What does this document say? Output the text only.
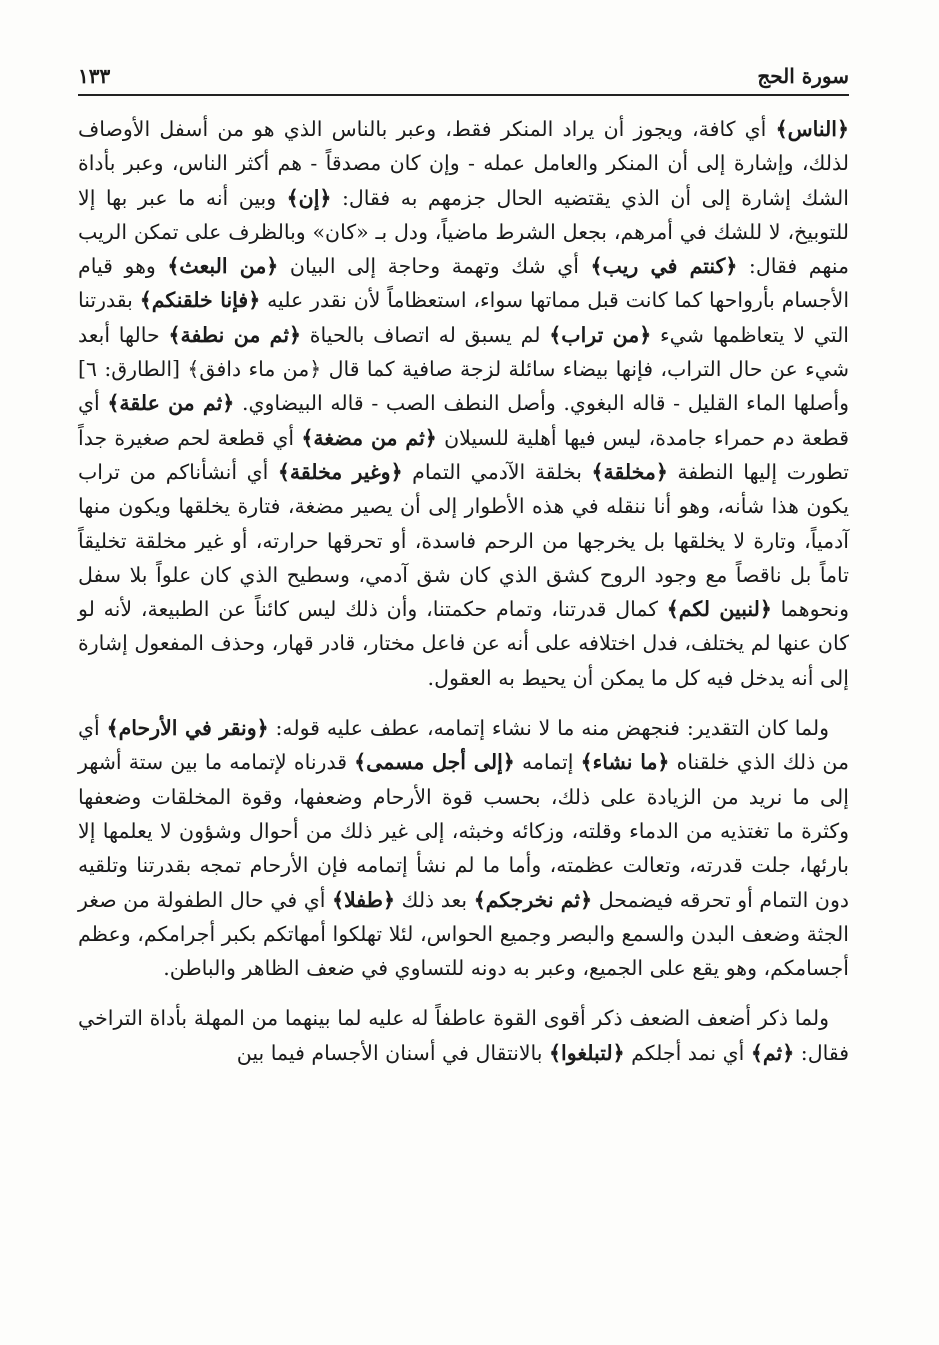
سورة الحج
١٣٣

﴿الناس﴾ أي كافة، ويجوز أن يراد المنكر فقط، وعبر بالناس الذي هو من أسفل الأوصاف لذلك، وإشارة إلى أن المنكر والعامل عمله - وإن كان مصدقاً - هم أكثر الناس، وعبر بأداة الشك إشارة إلى أن الذي يقتضيه الحال جزمهم به فقال: ﴿إن﴾ وبين أنه ما عبر بها إلا للتوبيخ، لا للشك في أمرهم، بجعل الشرط ماضياً، ودل بـ «كان» وبالظرف على تمكن الريب منهم فقال: ﴿كنتم في ريب﴾ أي شك وتهمة وحاجة إلى البيان ﴿من البعث﴾ وهو قيام الأجسام بأرواحها كما كانت قبل مماتها سواء، استعظاماً لأن نقدر عليه ﴿فإنا خلقنكم﴾ بقدرتنا التي لا يتعاظمها شيء ﴿من تراب﴾ لم يسبق له اتصاف بالحياة ﴿ثم من نطفة﴾ حالها أبعد شيء عن حال التراب، فإنها بيضاء سائلة لزجة صافية كما قال ﴿من ماء دافق﴾ [الطارق: ٦] وأصلها الماء القليل - قاله البغوي. وأصل النطف الصب - قاله البيضاوي. ﴿ثم من علقة﴾ أي قطعة دم حمراء جامدة، ليس فيها أهلية للسيلان ﴿ثم من مضغة﴾ أي قطعة لحم صغيرة جداً تطورت إليها النطفة ﴿مخلقة﴾ بخلقة الآدمي التمام ﴿وغير مخلقة﴾ أي أنشأناكم من تراب يكون هذا شأنه، وهو أنا ننقله في هذه الأطوار إلى أن يصير مضغة، فتارة يخلقها ويكون منها آدمياً، وتارة لا يخلقها بل يخرجها من الرحم فاسدة، أو تحرقها حرارته، أو غير مخلقة تخليقاً تاماً بل ناقصاً مع وجود الروح كشق الذي كان شق آدمي، وسطيح الذي كان علواً بلا سفل ونحوهما ﴿لنبين لكم﴾ كمال قدرتنا، وتمام حكمتنا، وأن ذلك ليس كائناً عن الطبيعة، لأنه لو كان عنها لم يختلف، فدل اختلافه على أنه عن فاعل مختار، قادر قهار، وحذف المفعول إشارة إلى أنه يدخل فيه كل ما يمكن أن يحيط به العقول.

ولما كان التقدير: فنجهض منه ما لا نشاء إتمامه، عطف عليه قوله: ﴿ونقر في الأرحام﴾ أي من ذلك الذي خلقناه ﴿ما نشاء﴾ إتمامه ﴿إلى أجل مسمى﴾ قدرناه لإتمامه ما بين ستة أشهر إلى ما نريد من الزيادة على ذلك، بحسب قوة الأرحام وضعفها، وقوة المخلقات وضعفها وكثرة ما تغتذيه من الدماء وقلته، وزكائه وخبثه، إلى غير ذلك من أحوال وشؤون لا يعلمها إلا بارئها، جلت قدرته، وتعالت عظمته، وأما ما لم نشأ إتمامه فإن الأرحام تمجه بقدرتنا وتلقيه دون التمام أو تحرقه فيضمحل ﴿ثم نخرجكم﴾ بعد ذلك ﴿طفلا﴾ أي في حال الطفولة من صغر الجثة وضعف البدن والسمع والبصر وجميع الحواس، لئلا تهلكوا أمهاتكم بكبر أجرامكم، وعظم أجسامكم، وهو يقع على الجميع، وعبر به دونه للتساوي في ضعف الظاهر والباطن.

ولما ذكر أضعف الضعف ذكر أقوى القوة عاطفاً له عليه لما بينهما من المهلة بأداة التراخي فقال: ﴿ثم﴾ أي نمد أجلكم ﴿لتبلغوا﴾ بالانتقال في أسنان الأجسام فيما بين
